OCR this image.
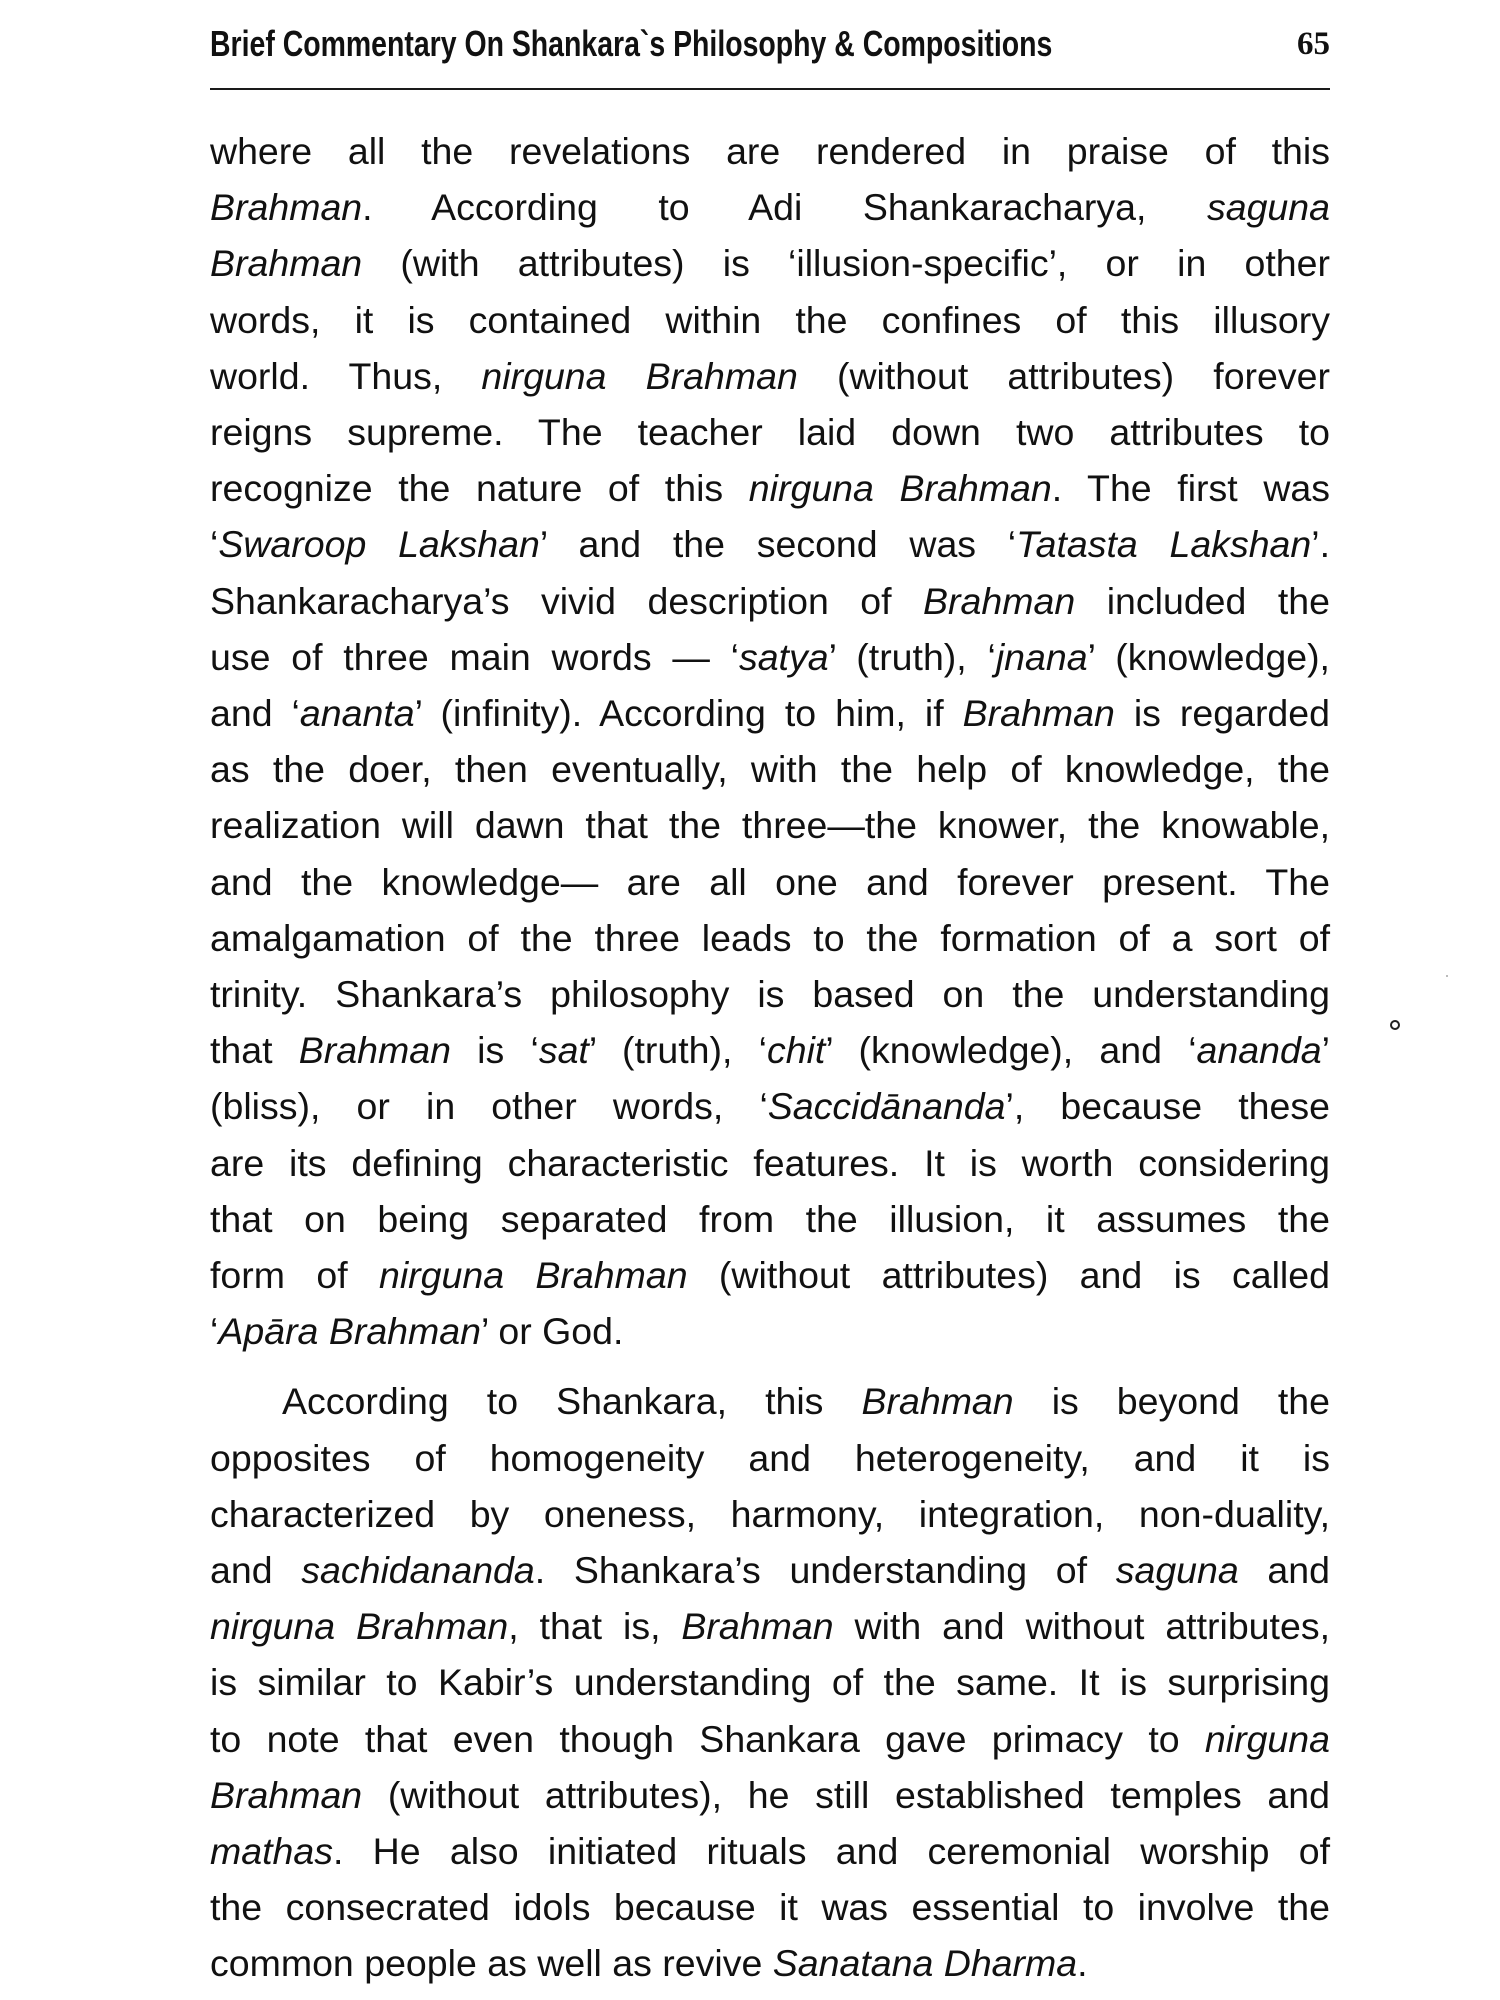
Brief Commentary On Shankara`s Philosophy & Compositions	65
where all the revelations are rendered in praise of this
Brahman. According to Adi Shankaracharya, saguna
Brahman (with attributes) is ‘illusion-specific’, or in other
words, it is contained within the confines of this illusory
world. Thus, nirguna Brahman (without attributes) forever
reigns supreme. The teacher laid down two attributes to
recognize the nature of this nirguna Brahman. The first was
‘Swaroop Lakshan’ and the second was ‘Tatasta Lakshan’.
Shankaracharya’s vivid description of Brahman included the
use of three main words — ‘satya’ (truth), ‘jnana’ (knowledge),
and ‘ananta’ (infinity). According to him, if Brahman is regarded
as the doer, then eventually, with the help of knowledge, the
realization will dawn that the three—the knower, the knowable,
and the knowledge— are all one and forever present. The
amalgamation of the three leads to the formation of a sort of
trinity. Shankara’s philosophy is based on the understanding
that Brahman is ‘sat’ (truth), ‘chit’ (knowledge), and ‘ananda’
(bliss), or in other words, ‘Saccidānanda’, because these
are its defining characteristic features. It is worth considering
that on being separated from the illusion, it assumes the
form of nirguna Brahman (without attributes) and is called
‘Apāra Brahman’ or God.
According to Shankara, this Brahman is beyond the
opposites of homogeneity and heterogeneity, and it is
characterized by oneness, harmony, integration, non-duality,
and sachidananda. Shankara’s understanding of saguna and
nirguna Brahman, that is, Brahman with and without attributes,
is similar to Kabir’s understanding of the same. It is surprising
to note that even though Shankara gave primacy to nirguna
Brahman (without attributes), he still established temples and
mathas. He also initiated rituals and ceremonial worship of
the consecrated idols because it was essential to involve the
common people as well as revive Sanatana Dharma.
